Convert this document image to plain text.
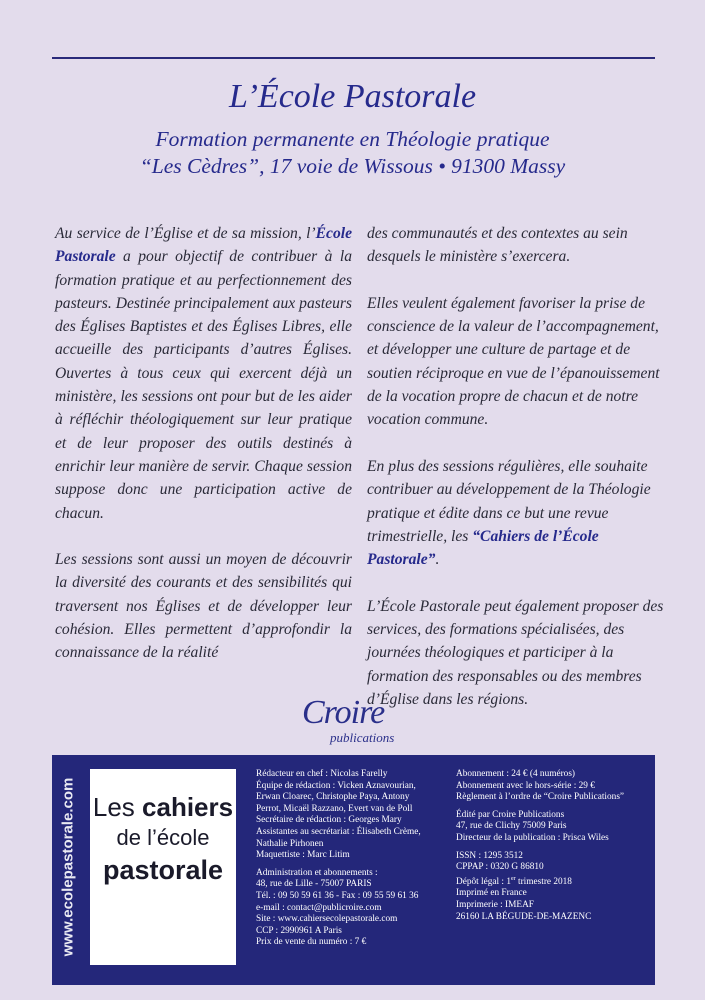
L’École Pastorale
Formation permanente en Théologie pratique
“Les Cèdres”, 17 voie de Wissous • 91300 Massy

Au service de l’Église et de sa mission, l’École Pastorale a pour objectif de contribuer à la formation pratique et au perfectionnement des pasteurs. Destinée principalement aux pasteurs des Églises Baptistes et des Églises Libres, elle accueille des participants d’autres Églises. Ouvertes à tous ceux qui exercent déjà un ministère, les sessions ont pour but de les aider à réfléchir théologiquement sur leur pratique et de leur proposer des outils destinés à enrichir leur manière de servir. Chaque session suppose donc une participation active de chacun.

Les sessions sont aussi un moyen de découvrir la diversité des courants et des sensibilités qui traversent nos Églises et de développer leur cohésion. Elles permettent d’approfondir la connaissance de la réalité

des communautés et des contextes au sein desquels le ministère s’exercera.

Elles veulent également favoriser la prise de conscience de la valeur de l’accompagnement, et développer une culture de partage et de soutien réciproque en vue de l’épanouissement de la vocation propre de chacun et de notre vocation commune.

En plus des sessions régulières, elle souhaite contribuer au développement de la Théologie pratique et édite dans ce but une revue trimestrielle, les “Cahiers de l’École Pastorale”.

L’École Pastorale peut également proposer des services, des formations spécialisées, des journées théologiques et participer à la formation des responsables ou des membres d’Église dans les régions.

Croire
publications
www.ecolepastorale.com Les cahiers
de l’école
pastorale
Rédacteur en chef : Nicolas Farelly
Équipe de rédaction : Vicken Aznavourian,
Erwan Cloarec, Christophe Paya, Antony
Perrot, Micaël Razzano, Evert van de Poll
Secrétaire de rédaction : Georges Mary
Assistantes au secrétariat : Élisabeth Crème,
Nathalie Pirhonen
Maquettiste : Marc Litim
Administration et abonnements :
48, rue de Lille - 75007 PARIS
Tél. : 09 50 59 61 36 - Fax : 09 55 59 61 36
e-mail : contact@publicroire.com
Site : www.cahiersecolepastorale.com
CCP : 2990961 A Paris
Prix de vente du numéro : 7 €
Abonnement : 24 € (4 numéros)
Abonnement avec le hors-série : 29 €
Règlement à l’ordre de “Croire Publications”
Édité par Croire Publications
47, rue de Clichy 75009 Paris
Directeur de la publication : Prisca Wiles
ISSN : 1295 3512
CPPAP : 0320 G 86810
Dépôt légal : 1er trimestre 2018
Imprimé en France
Imprimerie : IMEAF
26160 LA BÉGUDE-DE-MAZENC
